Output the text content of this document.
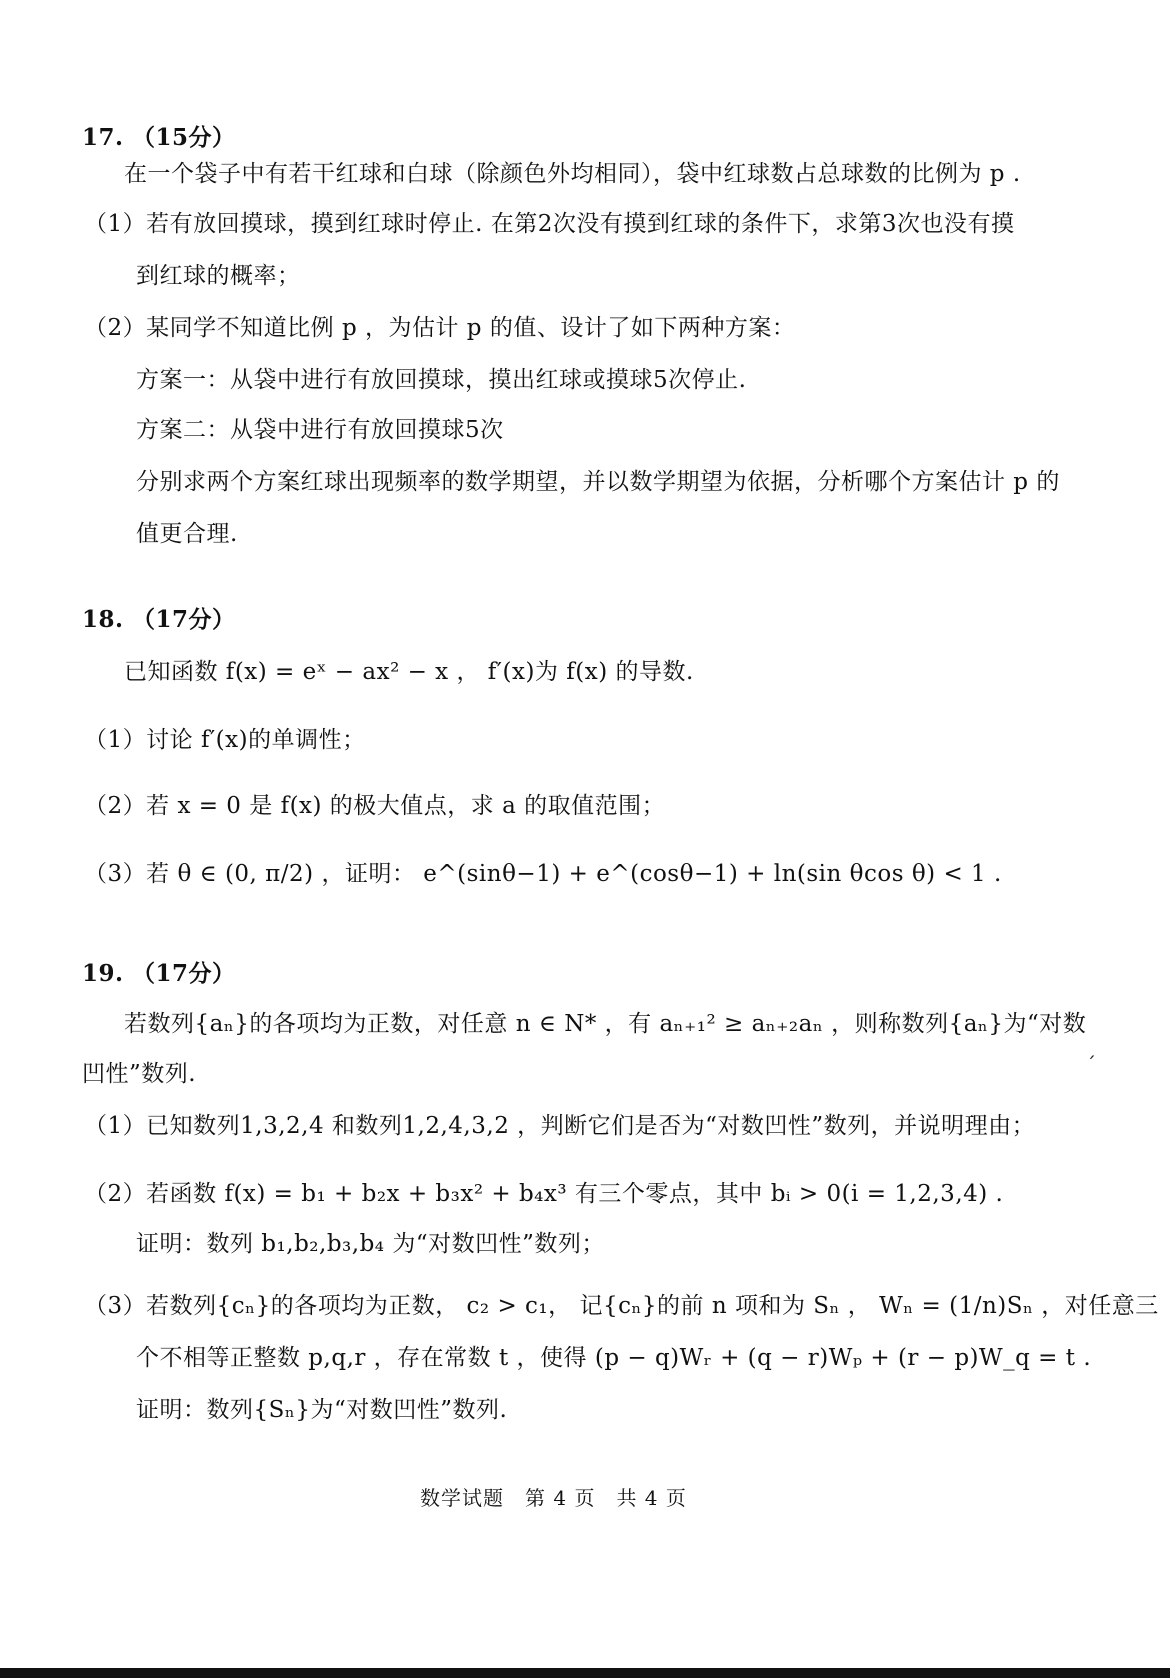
17. （15分）
在一个袋子中有若干红球和白球（除颜色外均相同），袋中红球数占总球数的比例为 p .
（1）若有放回摸球，摸到红球时停止. 在第2次没有摸到红球的条件下，求第3次也没有摸
到红球的概率；
（2）某同学不知道比例 p ，为估计 p 的值、设计了如下两种方案：
方案一：从袋中进行有放回摸球，摸出红球或摸球5次停止.
方案二：从袋中进行有放回摸球5次
分别求两个方案红球出现频率的数学期望，并以数学期望为依据，分析哪个方案估计 p 的
值更合理.
18. （17分）
已知函数 f(x) = eˣ − ax² − x ， f′(x)为 f(x) 的导数.
（1）讨论 f′(x)的单调性；
（2）若 x = 0 是 f(x) 的极大值点，求 a 的取值范围；
（3）若 θ ∈ (0, π/2) ，证明： e^(sinθ−1) + e^(cosθ−1) + ln(sin θcos θ) < 1 .
19. （17分）
ˊ
若数列{aₙ}的各项均为正数，对任意 n ∈ N* ，有 aₙ₊₁² ≥ aₙ₊₂aₙ ，则称数列{aₙ}为“对数
凹性”数列.
（1）已知数列1,3,2,4 和数列1,2,4,3,2 ，判断它们是否为“对数凹性”数列，并说明理由；
（2）若函数 f(x) = b₁ + b₂x + b₃x² + b₄x³ 有三个零点，其中 bᵢ > 0(i = 1,2,3,4) .
证明：数列 b₁,b₂,b₃,b₄ 为“对数凹性”数列；
（3）若数列{cₙ}的各项均为正数， c₂ > c₁， 记{cₙ}的前 n 项和为 Sₙ ， Wₙ = (1/n)Sₙ ，对任意三
个不相等正整数 p,q,r ，存在常数 t ，使得 (p − q)Wᵣ + (q − r)Wₚ + (r − p)W_q = t .
证明：数列{Sₙ}为“对数凹性”数列.
数学试题　第 4 页　共 4 页
